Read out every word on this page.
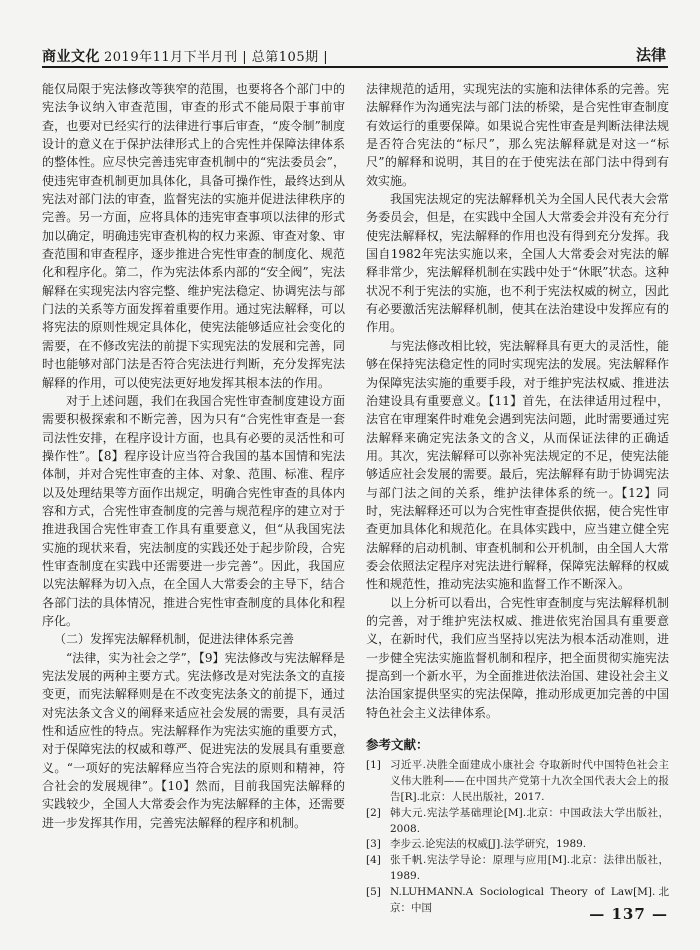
商业文化 2019年11月下半月刊 | 总第105期 |	法律

能仅局限于宪法修改等狭窄的范围，也要将各个部门中的宪法争议纳入审查范围，审查的形式不能局限于事前审查，也要对已经实行的法律进行事后审查，“废令制”制度设计的意义在于保护法律形式上的合宪性并保障法律体系的整体性。应尽快完善违宪审查机制中的“宪法委员会”，使违宪审查机制更加具体化，具备可操作性，最终达到从宪法对部门法的审查，监督宪法的实施并促进法律秩序的完善。另一方面，应将具体的违宪审查事项以法律的形式加以确定，明确违宪审查机构的权力来源、审查对象、审查范围和审查程序，逐步推进合宪性审查的制度化、规范化和程序化。第二，作为宪法体系内部的“安全阀”，宪法解释在实现宪法内容完整、维护宪法稳定、协调宪法与部门法的关系等方面发挥着重要作用。通过宪法解释，可以将宪法的原则性规定具体化，使宪法能够适应社会变化的需要，在不修改宪法的前提下实现宪法的发展和完善，同时也能够对部门法是否符合宪法进行判断，充分发挥宪法解释的作用，可以使宪法更好地发挥其根本法的作用。

对于上述问题，我们在我国合宪性审查制度建设方面需要积极探索和不断完善，因为只有“合宪性审查是一套司法性安排，在程序设计方面，也具有必要的灵活性和可操作性”。【8】程序设计应当符合我国的基本国情和宪法体制，并对合宪性审查的主体、对象、范围、标准、程序以及处理结果等方面作出规定，明确合宪性审查的具体内容和方式，合宪性审查制度的完善与规范程序的建立对于推进我国合宪性审查工作具有重要意义，但“从我国宪法实施的现状来看，宪法制度的实践还处于起步阶段，合宪性审查制度在实践中还需要进一步完善”。因此，我国应以宪法解释为切入点，在全国人大常委会的主导下，结合各部门法的具体情况，推进合宪性审查制度的具体化和程序化。

（二）发挥宪法解释机制，促进法律体系完善

“法律，实为社会之学”，【9】宪法修改与宪法解释是宪法发展的两种主要方式。宪法修改是对宪法条文的直接变更，而宪法解释则是在不改变宪法条文的前提下，通过对宪法条文含义的阐释来适应社会发展的需要，具有灵活性和适应性的特点。宪法解释作为宪法实施的重要方式，对于保障宪法的权威和尊严、促进宪法的发展具有重要意义。“一项好的宪法解释应当符合宪法的原则和精神，符合社会的发展规律”。【10】然而，目前我国宪法解释的实践较少，全国人大常委会作为宪法解释的主体，还需要进一步发挥其作用，完善宪法解释的程序和机制。

法律规范的适用，实现宪法的实施和法律体系的完善。宪法解释作为沟通宪法与部门法的桥梁，是合宪性审查制度有效运行的重要保障。如果说合宪性审查是判断法律法规是否符合宪法的“标尺”，那么宪法解释就是对这一“标尺”的解释和说明，其目的在于使宪法在部门法中得到有效实施。

我国宪法规定的宪法解释机关为全国人民代表大会常务委员会，但是，在实践中全国人大常委会并没有充分行使宪法解释权，宪法解释的作用也没有得到充分发挥。我国自1982年宪法实施以来，全国人大常委会对宪法的解释非常少，宪法解释机制在实践中处于“休眠”状态。这种状况不利于宪法的实施，也不利于宪法权威的树立，因此有必要激活宪法解释机制，使其在法治建设中发挥应有的作用。

与宪法修改相比较，宪法解释具有更大的灵活性，能够在保持宪法稳定性的同时实现宪法的发展。宪法解释作为保障宪法实施的重要手段，对于维护宪法权威、推进法治建设具有重要意义。【11】首先，在法律适用过程中，法官在审理案件时难免会遇到宪法问题，此时需要通过宪法解释来确定宪法条文的含义，从而保证法律的正确适用。其次，宪法解释可以弥补宪法规定的不足，使宪法能够适应社会发展的需要。最后，宪法解释有助于协调宪法与部门法之间的关系，维护法律体系的统一。【12】同时，宪法解释还可以为合宪性审查提供依据，使合宪性审查更加具体化和规范化。在具体实践中，应当建立健全宪法解释的启动机制、审查机制和公开机制，由全国人大常委会依照法定程序对宪法进行解释，保障宪法解释的权威性和规范性，推动宪法实施和监督工作不断深入。

以上分析可以看出，合宪性审查制度与宪法解释机制的完善，对于维护宪法权威、推进依宪治国具有重要意义，在新时代，我们应当坚持以宪法为根本活动准则，进一步健全宪法实施监督机制和程序，把全面贯彻实施宪法提高到一个新水平，为全面推进依法治国、建设社会主义法治国家提供坚实的宪法保障，推动形成更加完善的中国特色社会主义法律体系。

参考文献：
[1] 习近平.决胜全面建成小康社会 夺取新时代中国特色社会主义伟大胜利——在中国共产党第十九次全国代表大会上的报告[R].北京：人民出版社，2017.
[2] 韩大元.宪法学基础理论[M].北京：中国政法大学出版社，2008.
[3] 李步云.论宪法的权威[J].法学研究，1989.
[4] 张千帆.宪法学导论：原理与应用[M].北京：法律出版社，1989.
[5] N.LUHMANN.A Sociological Theory of Law[M].北京：中国	— 137 —
